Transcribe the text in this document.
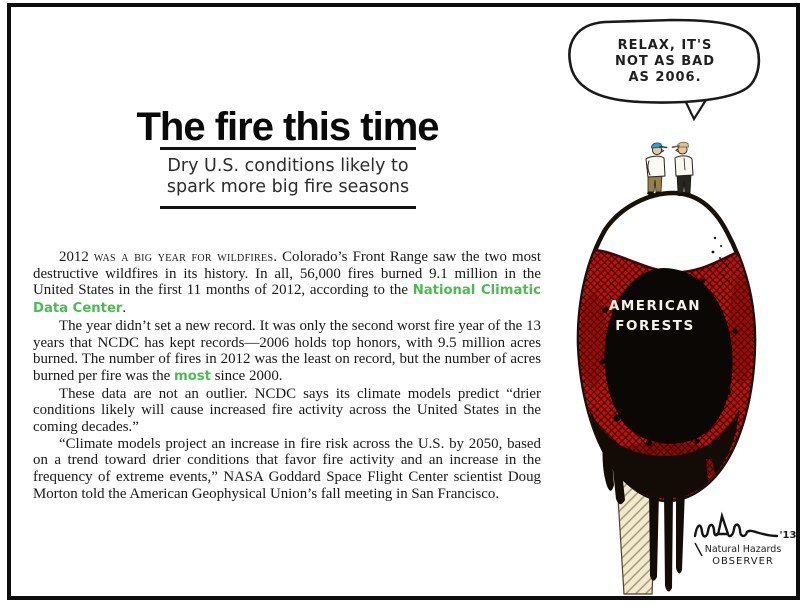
The fire this time
Dry U.S. conditions likely to
spark more big fire seasons

2012 was a big year for wildfires. Colorado’s Front Range saw the two most destructive wildfires in its history. In all, 56,000 fires burned 9.1 million in the United States in the first 11 months of 2012, according to the National Climatic Data Center.

The year didn’t set a new record. It was only the second worst fire year of the 13 years that NCDC has kept records—2006 holds top honors, with 9.5 million acres burned. The number of fires in 2012 was the least on record, but the number of acres burned per fire was the most since 2000.

These data are not an outlier. NCDC says its climate models predict “drier conditions likely will cause increased fire activity across the United States in the coming decades.”

“Climate models project an increase in fire risk across the U.S. by 2050, based on a trend toward drier conditions that favor fire activity and an increase in the frequency of extreme events,” NASA Goddard Space Flight Center scientist Doug Morton told the American Geophysical Union’s fall meeting in San Francisco.

RELAX, IT'S
NOT AS BAD
AS 2006.
AMERICAN
FORESTS
'13
Natural Hazards
OBSERVER
